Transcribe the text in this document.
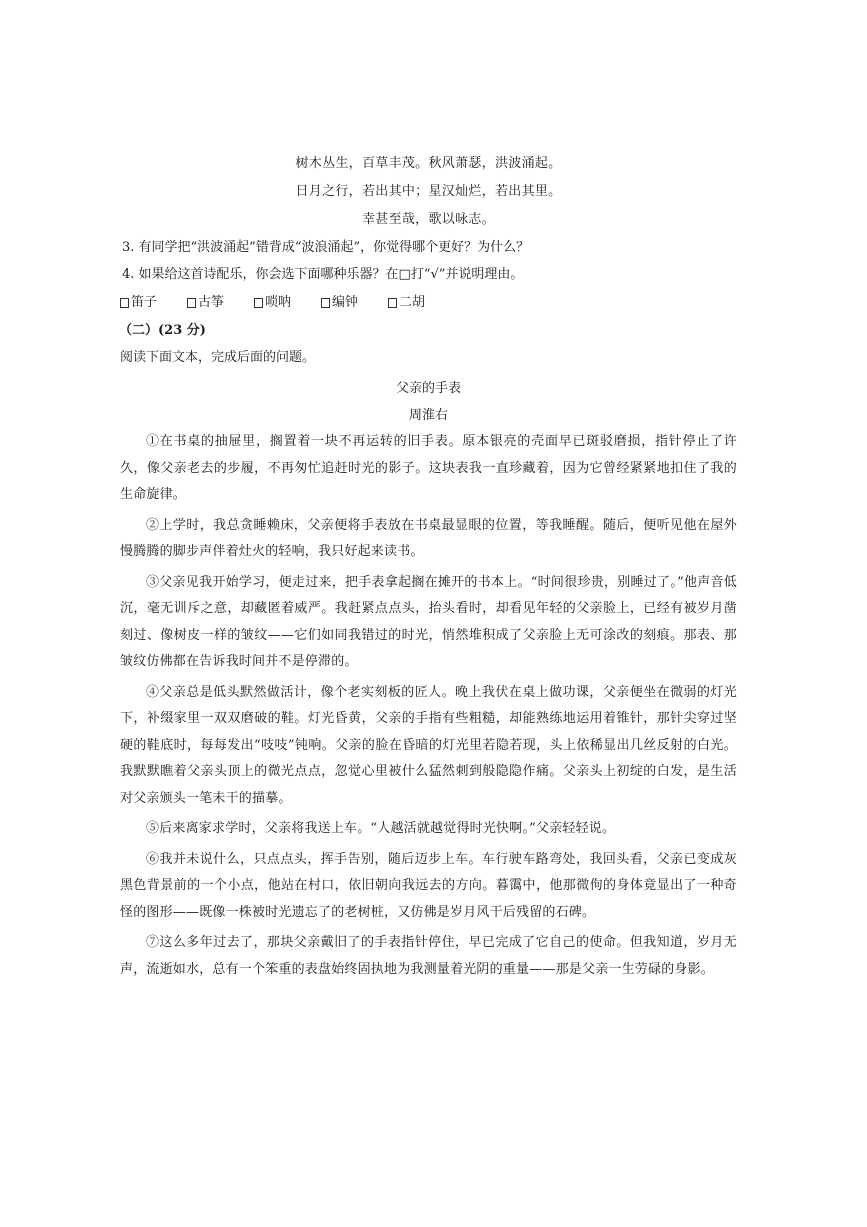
树木丛生，百草丰茂。秋风萧瑟，洪波涌起。
日月之行，若出其中；星汉灿烂，若出其里。
幸甚至哉，歌以咏志。
3. 有同学把“洪波涌起”错背成“波浪涌起”，你觉得哪个更好？为什么？
4. 如果给这首诗配乐，你会选下面哪种乐器？在□打“√”并说明理由。
笛子	古筝	唢呐	编钟	二胡
（二）(23 分)
阅读下面文本，完成后面的问题。
父亲的手表
周淮右

①在书桌的抽屉里，搁置着一块不再运转的旧手表。原本银亮的壳面早已斑驳磨损，指针停止了许久，像父亲老去的步履，不再匆忙追赶时光的影子。这块表我一直珍藏着，因为它曾经紧紧地扣住了我的生命旋律。

②上学时，我总贪睡赖床，父亲便将手表放在书桌最显眼的位置，等我睡醒。随后，便听见他在屋外慢腾腾的脚步声伴着灶火的轻响，我只好起来读书。

③父亲见我开始学习，便走过来，把手表拿起搁在摊开的书本上。“时间很珍贵，别睡过了。”他声音低沉，毫无训斥之意，却藏匿着威严。我赶紧点点头，抬头看时，却看见年轻的父亲脸上，已经有被岁月凿刻过、像树皮一样的皱纹——它们如同我错过的时光，悄然堆积成了父亲脸上无可涂改的刻痕。那表、那皱纹仿佛都在告诉我时间并不是停滞的。

④父亲总是低头默然做活计，像个老实刻板的匠人。晚上我伏在桌上做功课，父亲便坐在微弱的灯光下，补缀家里一双双磨破的鞋。灯光昏黄，父亲的手指有些粗糙，却能熟练地运用着锥针，那针尖穿过坚硬的鞋底时，每每发出“吱吱”钝响。父亲的脸在昏暗的灯光里若隐若现，头上依稀显出几丝反射的白光。我默默瞧着父亲头顶上的微光点点，忽觉心里被什么猛然刺到般隐隐作痛。父亲头上初绽的白发，是生活对父亲颁头一笔未干的描摹。

⑤后来离家求学时，父亲将我送上车。“人越活就越觉得时光快啊。”父亲轻轻说。

⑥我并未说什么，只点点头，挥手告别，随后迈步上车。车行驶车路弯处，我回头看，父亲已变成灰黑色背景前的一个小点，他站在村口，依旧朝向我远去的方向。暮霭中，他那微佝的身体竟显出了一种奇怪的图形——既像一株被时光遗忘了的老树桩，又仿佛是岁月风干后残留的石碑。

⑦这么多年过去了，那块父亲戴旧了的手表指针停住，早已完成了它自己的使命。但我知道，岁月无声，流逝如水，总有一个笨重的表盘始终固执地为我测量着光阴的重量——那是父亲一生劳碌的身影。
